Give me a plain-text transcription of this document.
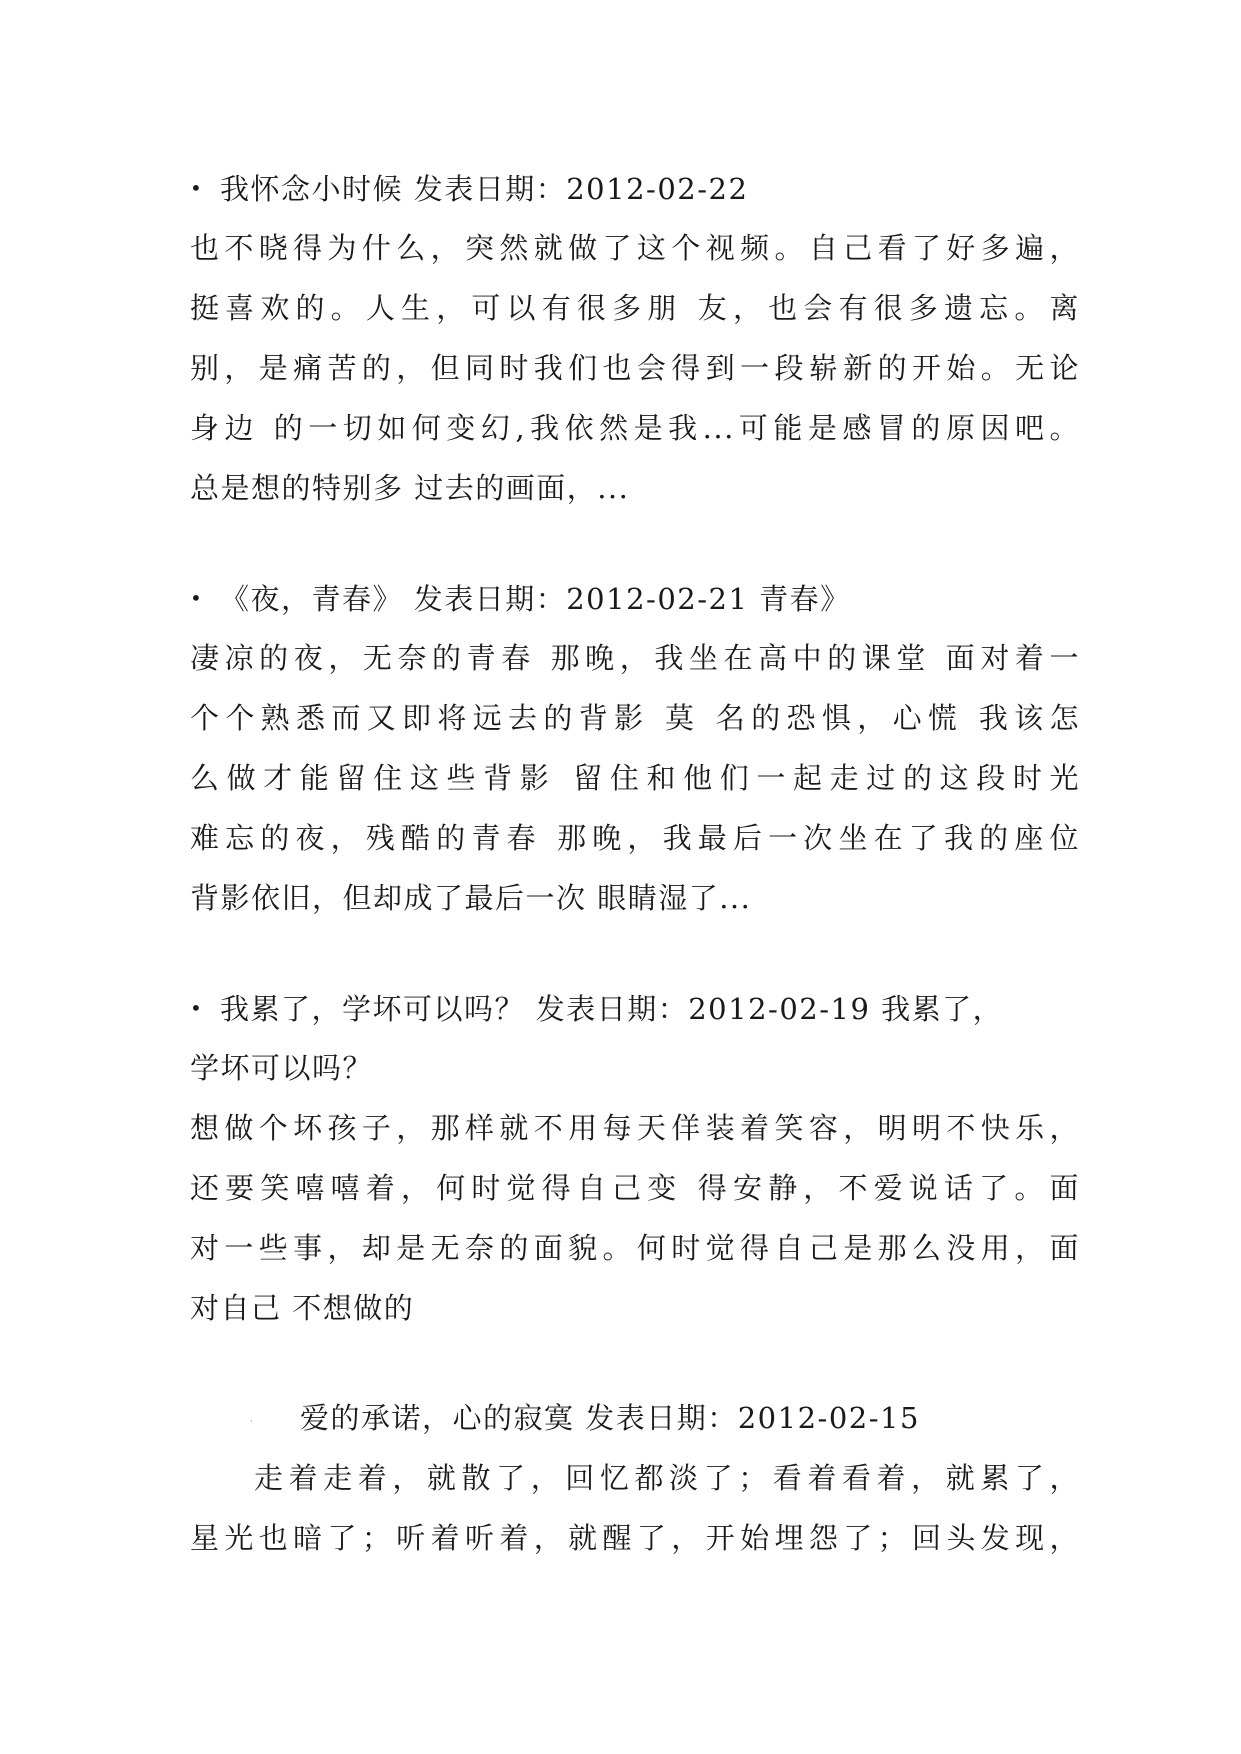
• 我怀念小时候 发表日期：2012-02-22
也不晓得为什么，突然就做了这个视频。自己看了好多遍，
挺喜欢的。人生，可以有很多朋 友，也会有很多遗忘。离
别，是痛苦的，但同时我们也会得到一段崭新的开始。无论
身边 的一切如何变幻,我依然是我...可能是感冒的原因吧。
总是想的特别多 过去的画面，...
• 《夜，青春》 发表日期：2012-02-21 青春》
凄凉的夜，无奈的青春 那晚，我坐在高中的课堂 面对着一
个个熟悉而又即将远去的背影 莫 名的恐惧，心慌 我该怎
么做才能留住这些背影 留住和他们一起走过的这段时光
难忘的夜，残酷的青春 那晚，我最后一次坐在了我的座位
背影依旧，但却成了最后一次 眼睛湿了...
• 我累了，学坏可以吗？ 发表日期：2012-02-19 我累了，
学坏可以吗？
想做个坏孩子，那样就不用每天佯装着笑容，明明不快乐，
还要笑嘻嘻着，何时觉得自己变 得安静，不爱说话了。面
对一些事，却是无奈的面貌。何时觉得自己是那么没用，面
对自己 不想做的
· 爱的承诺，心的寂寞 发表日期：2012-02-15
走着走着，就散了，回忆都淡了；看着看着，就累了，
星光也暗了；听着听着，就醒了，开始埋怨了；回头发现，
